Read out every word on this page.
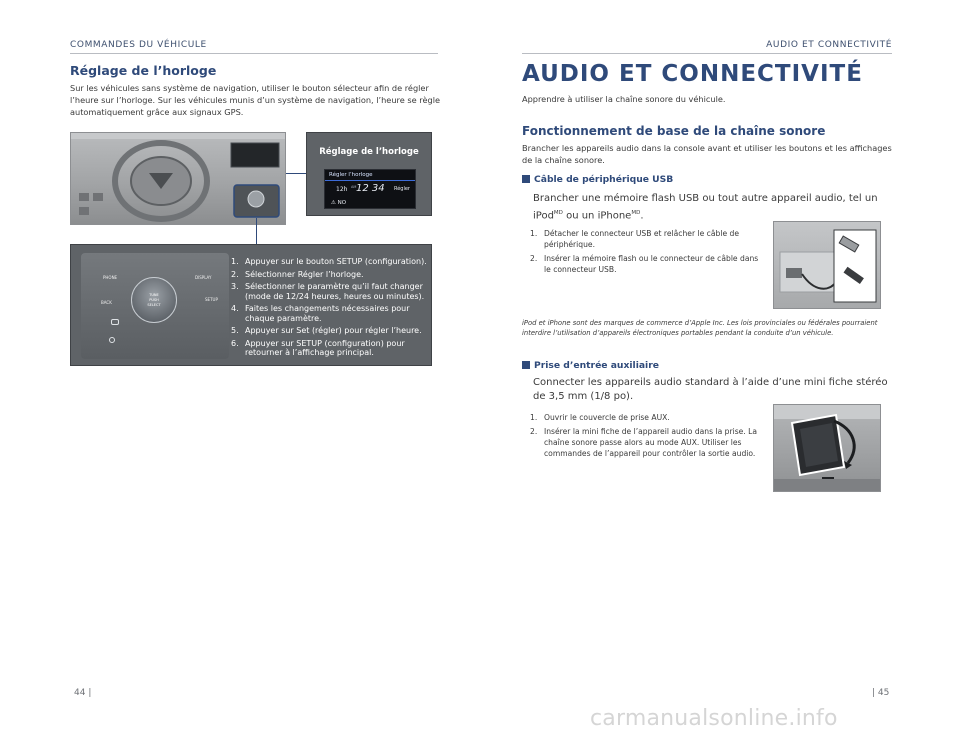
COMMANDES DU VÉHICULE	AUDIO ET CONNECTIVITÉ
Réglage de l’horloge
Sur les véhicules sans système de navigation, utiliser le bouton sélecteur afin de régler l’heure sur l’horloge. Sur les véhicules munis d’un système de navigation, l’heure se règle automatiquement grâce aux signaux GPS.
Réglage de l’horloge
Régler l’horloge
12h AM 12 34 Régler
⚠ NO
PHONE	DISPLAY
BACK
SETUP
TUNE
PUSH
SELECT
1. Appuyer sur le bouton SETUP (configuration).
2. Sélectionner Régler l’horloge.
3. Sélectionner le paramètre qu’il faut changer (mode de 12/24 heures, heures ou minutes).
4. Faites les changements nécessaires pour chaque paramètre.
5. Appuyer sur Set (régler) pour régler l’heure.
6. Appuyer sur SETUP (configuration) pour retourner à l’affichage principal.
AUDIO ET CONNECTIVITÉ
Apprendre à utiliser la chaîne sonore du véhicule.
Fonctionnement de base de la chaîne sonore
Brancher les appareils audio dans la console avant et utiliser les boutons et les affichages de la chaîne sonore.
Câble de périphérique USB
Brancher une mémoire flash USB ou tout autre appareil audio, tel un iPod$^{MD}$ ou un iPhone$^{MD}$.
1. Détacher le connecteur USB et relâcher le câble de périphérique.
2. Insérer la mémoire flash ou le connecteur de câble dans le connecteur USB.
iPod et iPhone sont des marques de commerce d’Apple Inc. Les lois provinciales ou fédérales pourraient interdire l’utilisation d’appareils électroniques portables pendant la conduite d’un véhicule.
Prise d’entrée auxiliaire
Connecter les appareils audio standard à l’aide d’une mini fiche stéréo de 3,5 mm (1/8 po).
1. Ouvrir le couvercle de prise AUX.
2. Insérer la mini fiche de l’appareil audio dans la prise. La chaîne sonore passe alors au mode AUX. Utiliser les commandes de l’appareil pour contrôler la sortie audio.
44 |	| 45
carmanualsonline.info
